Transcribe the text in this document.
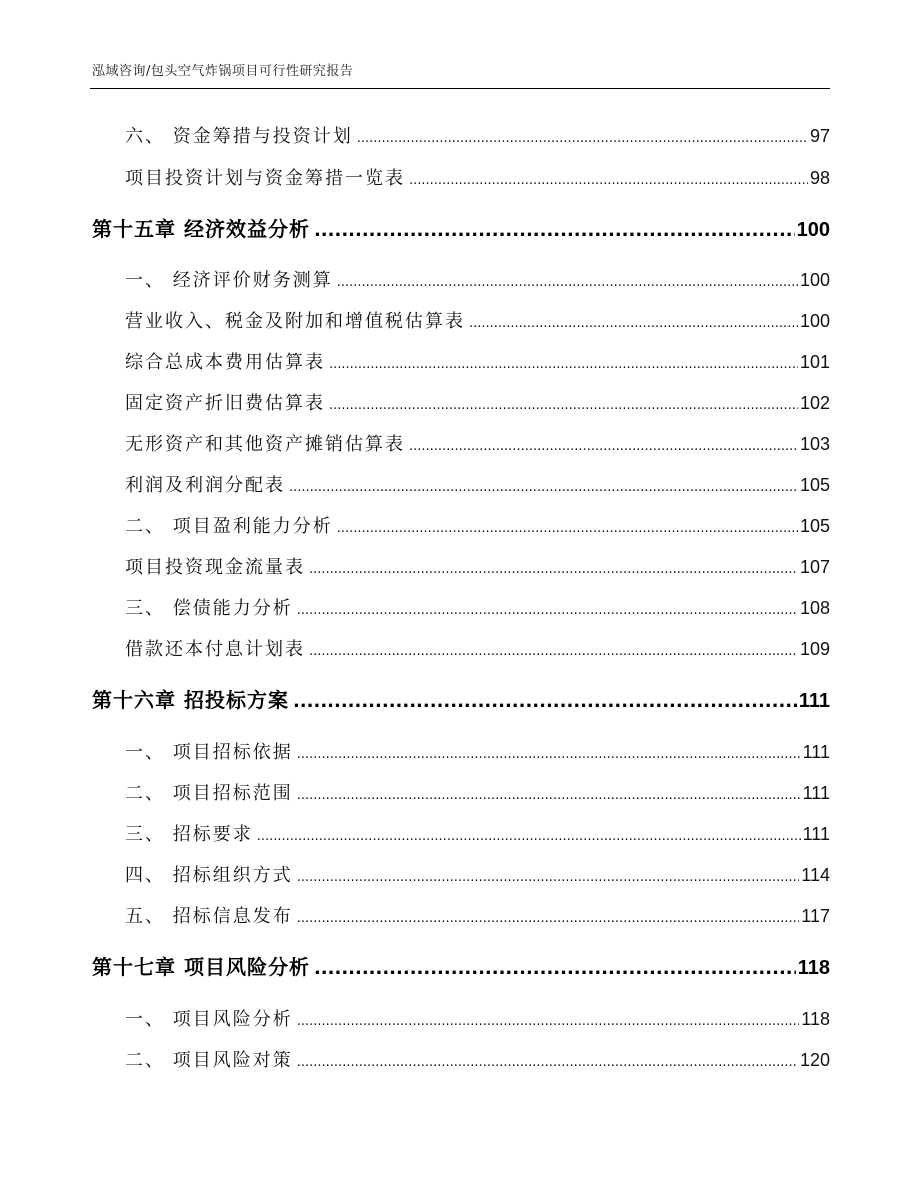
泓域咨询/包头空气炸锅项目可行性研究报告
六、 资金筹措与投资计划 .....	97
项目投资计划与资金筹措一览表 .....	98
第十五章 经济效益分析 .....	100
一、 经济评价财务测算 .....	100
营业收入、税金及附加和增值税估算表 .....	100
综合总成本费用估算表 .....	101
固定资产折旧费估算表 .....	102
无形资产和其他资产摊销估算表 .....	103
利润及利润分配表 .....	105
二、 项目盈利能力分析 .....	105
项目投资现金流量表 .....	107
三、 偿债能力分析 .....	108
借款还本付息计划表 .....	109
第十六章 招投标方案 .....	111
一、 项目招标依据 .....	111
二、 项目招标范围 .....	111
三、 招标要求 .....	111
四、 招标组织方式 .....	114
五、 招标信息发布 .....	117
第十七章 项目风险分析 .....	118
一、 项目风险分析 .....	118
二、 项目风险对策 .....	120
